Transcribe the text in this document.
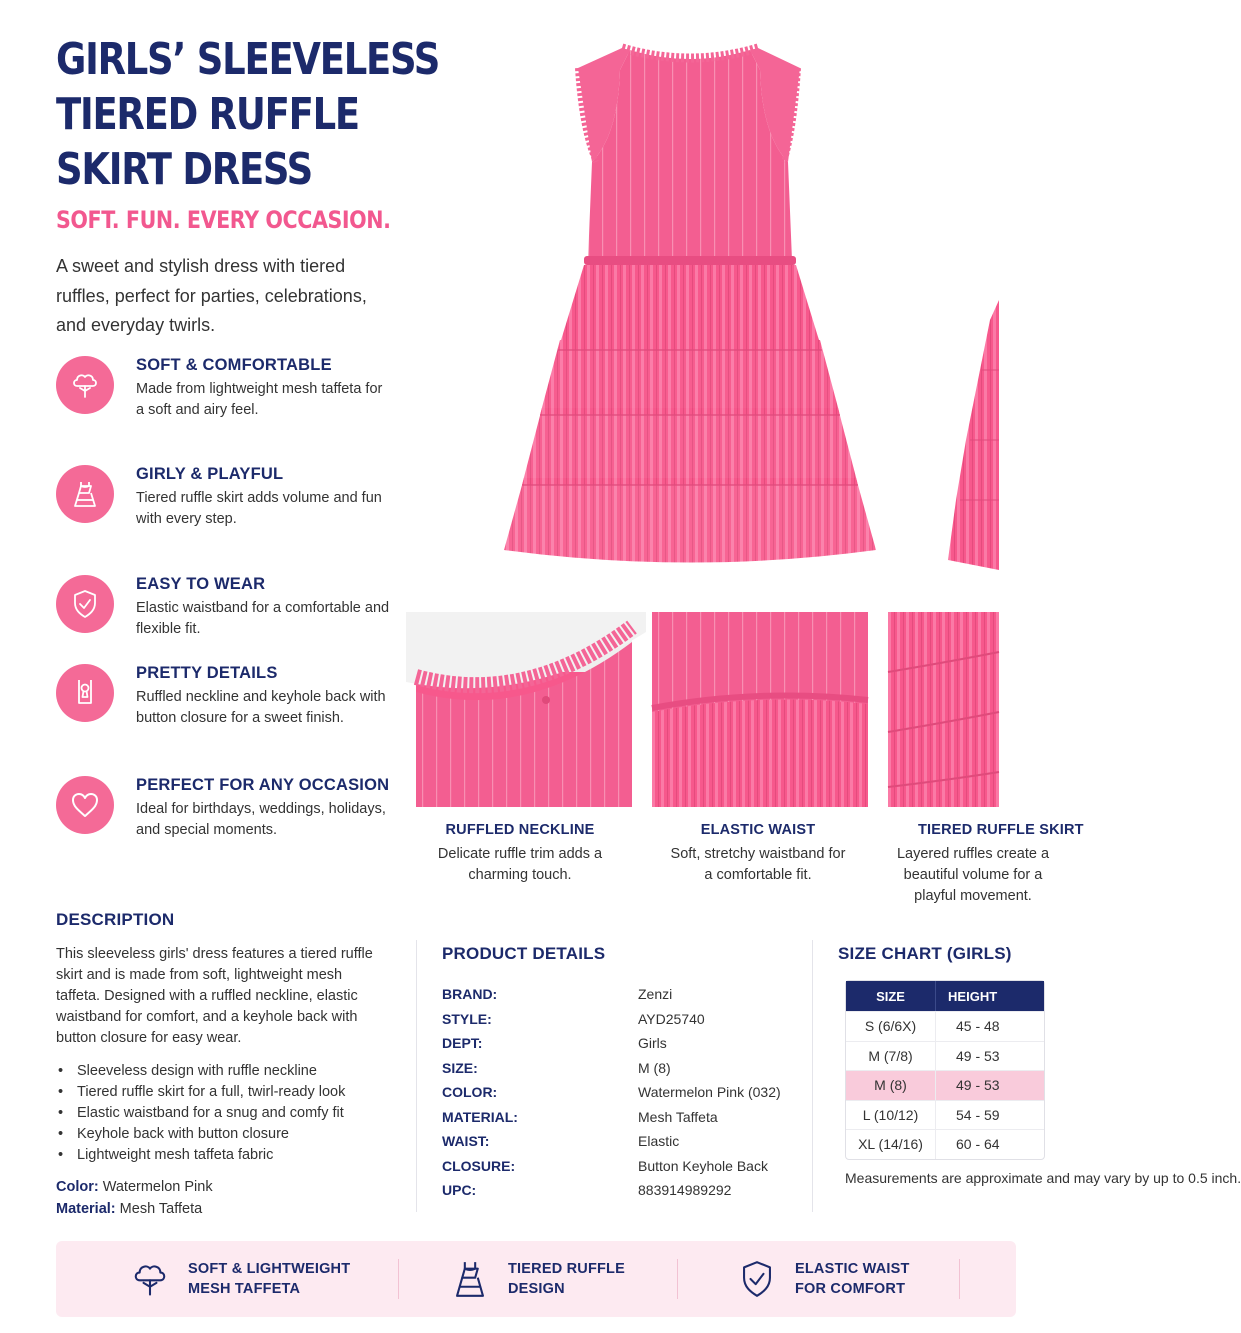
GIRLS’ SLEEVELESS
TIERED RUFFLE
SKIRT DRESS
SOFT. FUN. EVERY OCCASION.
A sweet and stylish dress with tiered ruffles, perfect for parties, celebrations, and everyday twirls.
SOFT & COMFORTABLE
Made from lightweight mesh taffeta for a soft and airy feel.
GIRLY & PLAYFUL
Tiered ruffle skirt adds volume and fun with every step.
EASY TO WEAR
Elastic waistband for a comfortable and flexible fit.
PRETTY DETAILS
Ruffled neckline and keyhole back with button closure for a sweet finish.
PERFECT FOR ANY OCCASION
Ideal for birthdays, weddings, holidays, and special moments.	RUFFLED NECKLINE
Delicate ruffle trim adds a charming touch.
ELASTIC WAIST
Soft, stretchy waistband for a comfortable fit.
TIERED RUFFLE SKIRT
Layered ruffles create a beautiful volume for a playful movement.
DESCRIPTION
This sleeveless girls' dress features a tiered ruffle skirt and is made from soft, lightweight mesh taffeta. Designed with a ruffled neckline, elastic waistband for comfort, and a keyhole back with button closure for easy wear.
• Sleeveless design with ruffle neckline
• Tiered ruffle skirt for a full, twirl-ready look
• Elastic waistband for a snug and comfy fit
• Keyhole back with button closure
• Lightweight mesh taffeta fabric
Color: Watermelon Pink
Material: Mesh Taffeta
PRODUCT DETAILS
BRAND:	Zenzi
STYLE:	AYD25740
DEPT:	Girls
SIZE:	M (8)
COLOR:	Watermelon Pink (032)
MATERIAL:	Mesh Taffeta
WAIST:	Elastic
CLOSURE:	Button Keyhole Back
UPC:	883914989292
SIZE CHART (GIRLS)
SIZE	HEIGHT
S (6/6X)	45 - 48
M (7/8)	49 - 53
M (8)	49 - 53
L (10/12)	54 - 59
XL (14/16)	60 - 64
Measurements are approximate and may vary by up to 0.5 inch.
SOFT & LIGHTWEIGHT MESH TAFFETA
TIERED RUFFLE DESIGN
ELASTIC WAIST FOR COMFORT
